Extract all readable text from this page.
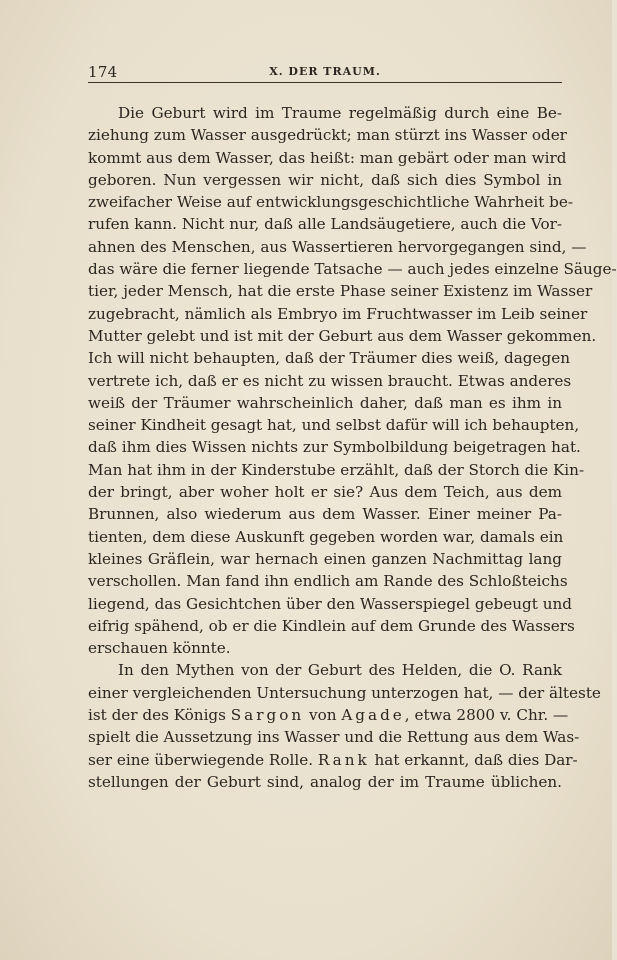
174	X. DER TRAUM.
Die Geburt wird im Traume regelmäßig durch eine Be-
ziehung zum Wasser ausgedrückt; man stürzt ins Wasser oder
kommt aus dem Wasser, das heißt: man gebärt oder man wird
geboren. Nun vergessen wir nicht, daß sich dies Symbol in
zweifacher Weise auf entwicklungsgeschichtliche Wahrheit be-
rufen kann. Nicht nur, daß alle Landsäugetiere, auch die Vor-
ahnen des Menschen, aus Wassertieren hervorgegangen sind, —
das wäre die ferner liegende Tatsache — auch jedes einzelne Säuge-
tier, jeder Mensch, hat die erste Phase seiner Existenz im Wasser
zugebracht, nämlich als Embryo im Fruchtwasser im Leib seiner
Mutter gelebt und ist mit der Geburt aus dem Wasser gekommen.
Ich will nicht behaupten, daß der Träumer dies weiß, dagegen
vertrete ich, daß er es nicht zu wissen braucht. Etwas anderes
weiß der Träumer wahrscheinlich daher, daß man es ihm in
seiner Kindheit gesagt hat, und selbst dafür will ich behaupten,
daß ihm dies Wissen nichts zur Symbolbildung beigetragen hat.
Man hat ihm in der Kinderstube erzählt, daß der Storch die Kin-
der bringt, aber woher holt er sie? Aus dem Teich, aus dem
Brunnen, also wiederum aus dem Wasser. Einer meiner Pa-
tienten, dem diese Auskunft gegeben worden war, damals ein
kleines Gräflein, war hernach einen ganzen Nachmittag lang
verschollen. Man fand ihn endlich am Rande des Schloßteichs
liegend, das Gesichtchen über den Wasserspiegel gebeugt und
eifrig spähend, ob er die Kindlein auf dem Grunde des Wassers
erschauen könnte.
In den Mythen von der Geburt des Helden, die O. Rank
einer vergleichenden Untersuchung unterzogen hat, — der älteste
ist der des Königs Sargon von Agade, etwa 2800 v. Chr. —
spielt die Aussetzung ins Wasser und die Rettung aus dem Was-
ser eine überwiegende Rolle. Rank hat erkannt, daß dies Dar-
stellungen der Geburt sind, analog der im Traume üblichen.
